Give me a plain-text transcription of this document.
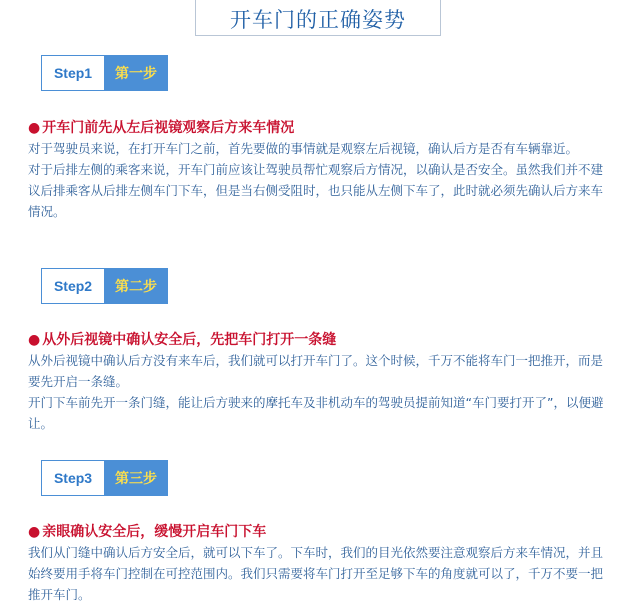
开车门的正确姿势
Step1	第一步
● 开车门前先从左后视镜观察后方来车情况

对于驾驶员来说，在打开车门之前，首先要做的事情就是观察左后视镜，确认后方是否有车辆靠近。

对于后排左侧的乘客来说，开车门前应该让驾驶员帮忙观察后方情况，以确认是否安全。虽然我们并不建议后排乘客从后排左侧车门下车，但是当右侧受阻时，也只能从左侧下车了，此时就必须先确认后方来车情况。

Step2	第二步
● 从外后视镜中确认安全后，先把车门打开一条缝

从外后视镜中确认后方没有来车后，我们就可以打开车门了。这个时候，千万不能将车门一把推开，而是要先开启一条缝。

开门下车前先开一条门缝，能让后方驶来的摩托车及非机动车的驾驶员提前知道“车门要打开了”，以便避让。

Step3	第三步
● 亲眼确认安全后，缓慢开启车门下车

我们从门缝中确认后方安全后，就可以下车了。下车时，我们的目光依然要注意观察后方来车情况，并且始终要用手将车门控制在可控范围内。我们只需要将车门打开至足够下车的角度就可以了，千万不要一把推开车门。
